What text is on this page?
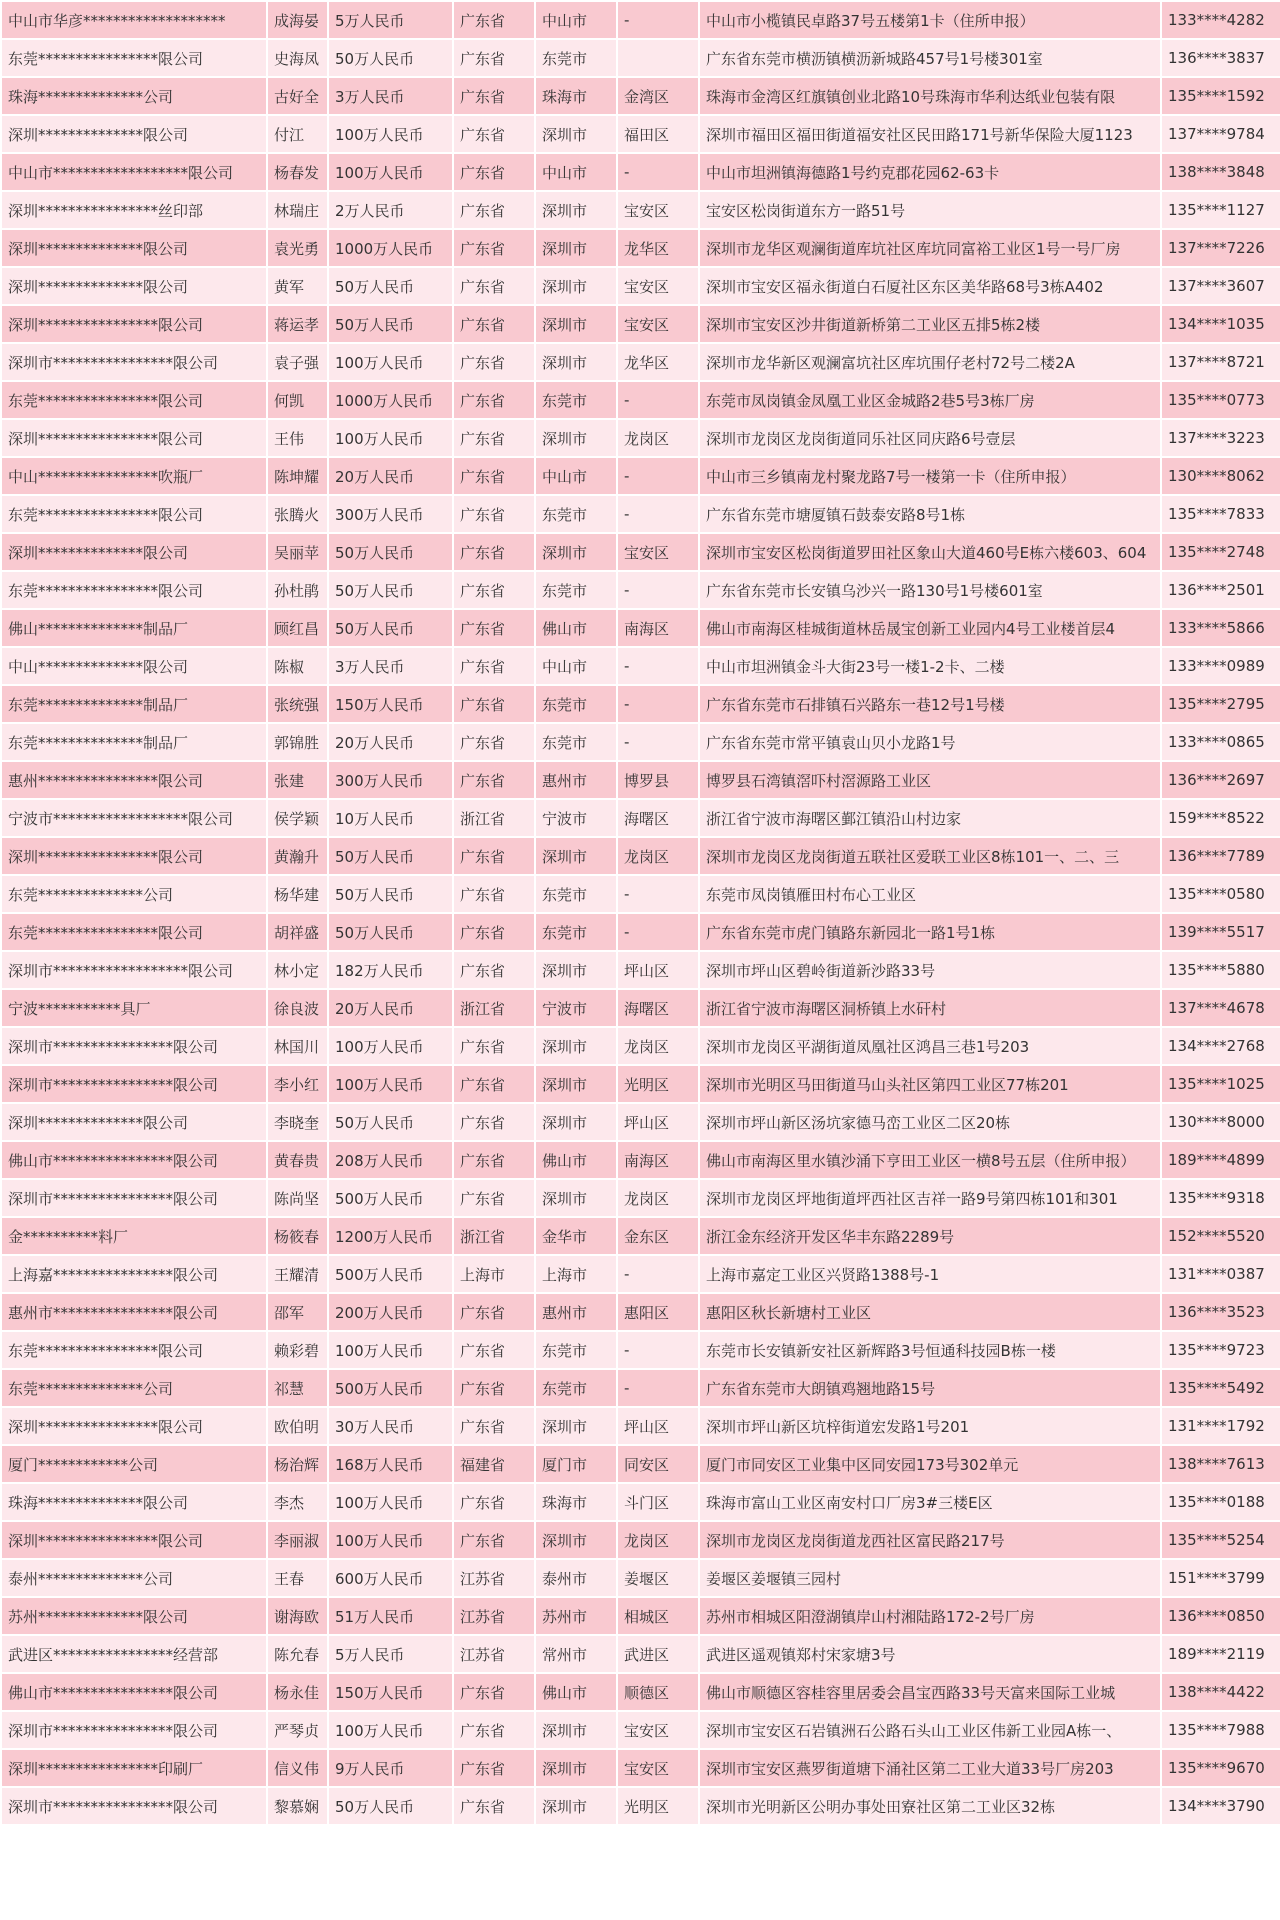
中山市华彦*******************	成海晏	5万人民币	广东省	中山市	-	中山市小榄镇民卓路37号五楼第1卡（住所申报）	133****4282
东莞****************限公司	史海凤	50万人民币	广东省	东莞市		广东省东莞市横沥镇横沥新城路457号1号楼301室	136****3837
珠海**************公司	古好全	3万人民币	广东省	珠海市	金湾区	珠海市金湾区红旗镇创业北路10号珠海市华利达纸业包装有限	135****1592
深圳**************限公司	付江	100万人民币	广东省	深圳市	福田区	深圳市福田区福田街道福安社区民田路171号新华保险大厦1123	137****9784
中山市******************限公司	杨春发	100万人民币	广东省	中山市	-	中山市坦洲镇海德路1号约克郡花园62-63卡	138****3848
深圳****************丝印部	林瑞庄	2万人民币	广东省	深圳市	宝安区	宝安区松岗街道东方一路51号	135****1127
深圳**************限公司	袁光勇	1000万人民币	广东省	深圳市	龙华区	深圳市龙华区观澜街道库坑社区库坑同富裕工业区1号一号厂房	137****7226
深圳**************限公司	黄军	50万人民币	广东省	深圳市	宝安区	深圳市宝安区福永街道白石厦社区东区美华路68号3栋A402	137****3607
深圳****************限公司	蒋运孝	50万人民币	广东省	深圳市	宝安区	深圳市宝安区沙井街道新桥第二工业区五排5栋2楼	134****1035
深圳市****************限公司	袁子强	100万人民币	广东省	深圳市	龙华区	深圳市龙华新区观澜富坑社区库坑围仔老村72号二楼2A	137****8721
东莞****************限公司	何凯	1000万人民币	广东省	东莞市	-	东莞市凤岗镇金凤凰工业区金城路2巷5号3栋厂房	135****0773
深圳****************限公司	王伟	100万人民币	广东省	深圳市	龙岗区	深圳市龙岗区龙岗街道同乐社区同庆路6号壹层	137****3223
中山****************吹瓶厂	陈坤耀	20万人民币	广东省	中山市	-	中山市三乡镇南龙村聚龙路7号一楼第一卡（住所申报）	130****8062
东莞****************限公司	张腾火	300万人民币	广东省	东莞市	-	广东省东莞市塘厦镇石鼓泰安路8号1栋	135****7833
深圳**************限公司	吴丽苹	50万人民币	广东省	深圳市	宝安区	深圳市宝安区松岗街道罗田社区象山大道460号E栋六楼603、604	135****2748
东莞****************限公司	孙杜鹃	50万人民币	广东省	东莞市	-	广东省东莞市长安镇乌沙兴一路130号1号楼601室	136****2501
佛山**************制品厂	顾红昌	50万人民币	广东省	佛山市	南海区	佛山市南海区桂城街道林岳晟宝创新工业园内4号工业楼首层4	133****5866
中山**************限公司	陈椒	3万人民币	广东省	中山市	-	中山市坦洲镇金斗大街23号一楼1-2卡、二楼	133****0989
东莞**************制品厂	张统强	150万人民币	广东省	东莞市	-	广东省东莞市石排镇石兴路东一巷12号1号楼	135****2795
东莞**************制品厂	郭锦胜	20万人民币	广东省	东莞市	-	广东省东莞市常平镇袁山贝小龙路1号	133****0865
惠州****************限公司	张建	300万人民币	广东省	惠州市	博罗县	博罗县石湾镇滘吓村滘源路工业区	136****2697
宁波市******************限公司	侯学颖	10万人民币	浙江省	宁波市	海曙区	浙江省宁波市海曙区鄞江镇沿山村边家	159****8522
深圳****************限公司	黄瀚升	50万人民币	广东省	深圳市	龙岗区	深圳市龙岗区龙岗街道五联社区爱联工业区8栋101一、二、三	136****7789
东莞**************公司	杨华建	50万人民币	广东省	东莞市	-	东莞市凤岗镇雁田村布心工业区	135****0580
东莞****************限公司	胡祥盛	50万人民币	广东省	东莞市	-	广东省东莞市虎门镇路东新园北一路1号1栋	139****5517
深圳市******************限公司	林小定	182万人民币	广东省	深圳市	坪山区	深圳市坪山区碧岭街道新沙路33号	135****5880
宁波***********具厂	徐良波	20万人民币	浙江省	宁波市	海曙区	浙江省宁波市海曙区洞桥镇上水矸村	137****4678
深圳市****************限公司	林国川	100万人民币	广东省	深圳市	龙岗区	深圳市龙岗区平湖街道凤凰社区鸿昌三巷1号203	134****2768
深圳市****************限公司	李小红	100万人民币	广东省	深圳市	光明区	深圳市光明区马田街道马山头社区第四工业区77栋201	135****1025
深圳**************限公司	李晓奎	50万人民币	广东省	深圳市	坪山区	深圳市坪山新区汤坑家德马峦工业区二区20栋	130****8000
佛山市****************限公司	黄春贵	208万人民币	广东省	佛山市	南海区	佛山市南海区里水镇沙涌下亨田工业区一横8号五层（住所申报）	189****4899
深圳市****************限公司	陈尚坚	500万人民币	广东省	深圳市	龙岗区	深圳市龙岗区坪地街道坪西社区吉祥一路9号第四栋101和301	135****9318
金**********料厂	杨筱春	1200万人民币	浙江省	金华市	金东区	浙江金东经济开发区华丰东路2289号	152****5520
上海嘉****************限公司	王耀清	500万人民币	上海市	上海市	-	上海市嘉定工业区兴贤路1388号-1	131****0387
惠州市****************限公司	邵军	200万人民币	广东省	惠州市	惠阳区	惠阳区秋长新塘村工业区	136****3523
东莞****************限公司	赖彩碧	100万人民币	广东省	东莞市	-	东莞市长安镇新安社区新辉路3号恒通科技园B栋一楼	135****9723
东莞**************公司	祁慧	500万人民币	广东省	东莞市	-	广东省东莞市大朗镇鸡翘地路15号	135****5492
深圳****************限公司	欧伯明	30万人民币	广东省	深圳市	坪山区	深圳市坪山新区坑梓街道宏发路1号201	131****1792
厦门************公司	杨治辉	168万人民币	福建省	厦门市	同安区	厦门市同安区工业集中区同安园173号302单元	138****7613
珠海**************限公司	李杰	100万人民币	广东省	珠海市	斗门区	珠海市富山工业区南安村口厂房3#三楼E区	135****0188
深圳****************限公司	李丽淑	100万人民币	广东省	深圳市	龙岗区	深圳市龙岗区龙岗街道龙西社区富民路217号	135****5254
泰州**************公司	王春	600万人民币	江苏省	泰州市	姜堰区	姜堰区姜堰镇三园村	151****3799
苏州**************限公司	谢海欧	51万人民币	江苏省	苏州市	相城区	苏州市相城区阳澄湖镇岸山村湘陆路172-2号厂房	136****0850
武进区****************经营部	陈允春	5万人民币	江苏省	常州市	武进区	武进区遥观镇郑村宋家塘3号	189****2119
佛山市****************限公司	杨永佳	150万人民币	广东省	佛山市	顺德区	佛山市顺德区容桂容里居委会昌宝西路33号天富来国际工业城	138****4422
深圳市****************限公司	严琴贞	100万人民币	广东省	深圳市	宝安区	深圳市宝安区石岩镇洲石公路石头山工业区伟新工业园A栋一、	135****7988
深圳****************印刷厂	信义伟	9万人民币	广东省	深圳市	宝安区	深圳市宝安区燕罗街道塘下涌社区第二工业大道33号厂房203	135****9670
深圳市****************限公司	黎慕娴	50万人民币	广东省	深圳市	光明区	深圳市光明新区公明办事处田寮社区第二工业区32栋	134****3790
